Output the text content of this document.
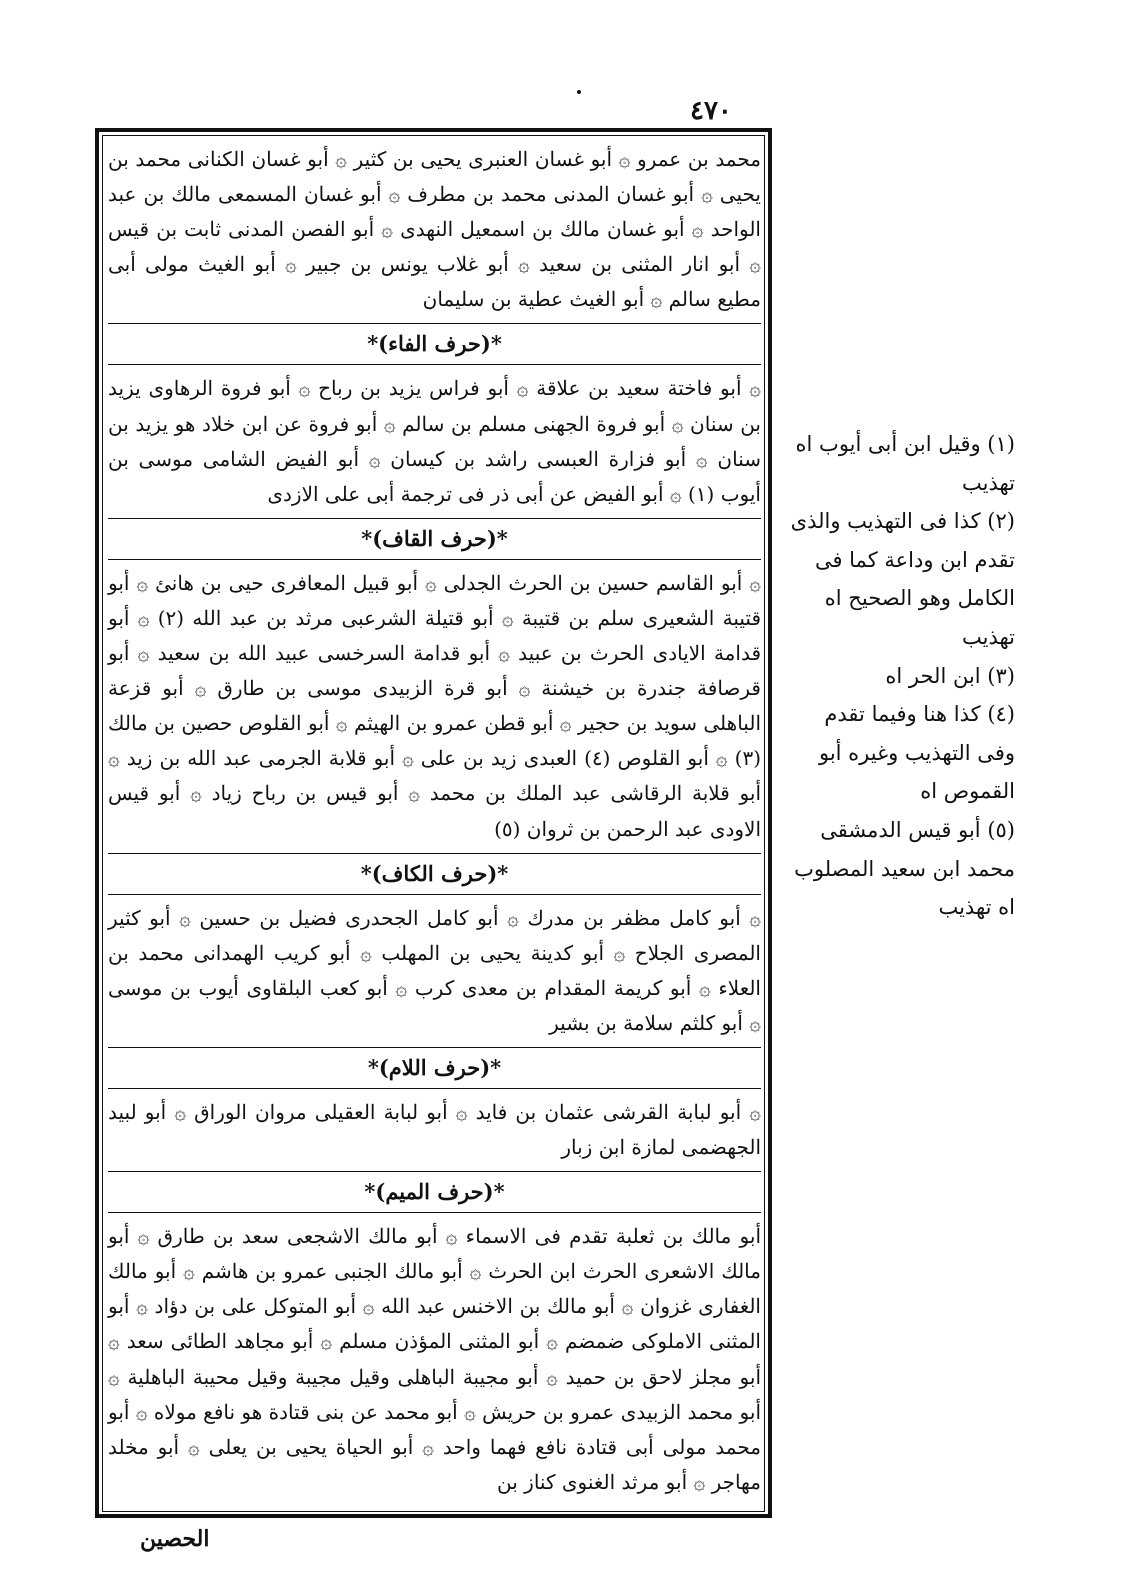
٤٧٠

محمد بن عمرو ۞ أبو غسان العنبرى يحيى بن كثير ۞ أبو غسان الكنانى محمد بن يحيى ۞ أبو غسان المدنى محمد بن مطرف ۞ أبو غسان المسمعى مالك بن عبد الواحد ۞ أبو غسان مالك بن اسمعيل النهدى ۞ أبو الفصن المدنى ثابت بن قيس ۞ أبو انار المثنى بن سعيد ۞ أبو غلاب يونس بن جبير ۞ أبو الغيث مولى أبى مطيع سالم ۞ أبو الغيث عطية بن سليمان

*(حرف الفاء)*

۞ أبو فاختة سعيد بن علاقة ۞ أبو فراس يزيد بن رباح ۞ أبو فروة الرهاوى يزيد بن سنان ۞ أبو فروة الجهنى مسلم بن سالم ۞ أبو فروة عن ابن خلاد هو يزيد بن سنان ۞ أبو فزارة العبسى راشد بن كيسان ۞ أبو الفيض الشامى موسى بن أيوب (١) ۞ أبو الفيض عن أبى ذر فى ترجمة أبى على الازدى

*(حرف القاف)*

۞ أبو القاسم حسين بن الحرث الجدلى ۞ أبو قبيل المعافرى حيى بن هانئ ۞ أبو قتيبة الشعيرى سلم بن قتيبة ۞ أبو قتيلة الشرعبى مرثد بن عبد الله (٢) ۞ أبو قدامة الايادى الحرث بن عبيد ۞ أبو قدامة السرخسى عبيد الله بن سعيد ۞ أبو قرصافة جندرة بن خيشنة ۞ أبو قرة الزبيدى موسى بن طارق ۞ أبو قزعة الباهلى سويد بن حجير ۞ أبو قطن عمرو بن الهيثم ۞ أبو القلوص حصين بن مالك (٣) ۞ أبو القلوص (٤) العبدى زيد بن على ۞ أبو قلابة الجرمى عبد الله بن زيد ۞ أبو قلابة الرقاشى عبد الملك بن محمد ۞ أبو قيس بن رباح زياد ۞ أبو قيس الاودى عبد الرحمن بن ثروان (٥)

*(حرف الكاف)*

۞ أبو كامل مظفر بن مدرك ۞ أبو كامل الجحدرى فضيل بن حسين ۞ أبو كثير المصرى الجلاح ۞ أبو كدينة يحيى بن المهلب ۞ أبو كريب الهمدانى محمد بن العلاء ۞ أبو كريمة المقدام بن معدى كرب ۞ أبو كعب البلقاوى أيوب بن موسى ۞ أبو كلثم سلامة بن بشير

*(حرف اللام)*

۞ أبو لبابة القرشى عثمان بن فايد ۞ أبو لبابة العقيلى مروان الوراق ۞ أبو لبيد الجهضمى لمازة ابن زبار

*(حرف الميم)*

أبو مالك بن ثعلبة تقدم فى الاسماء ۞ أبو مالك الاشجعى سعد بن طارق ۞ أبو مالك الاشعرى الحرث ابن الحرث ۞ أبو مالك الجنبى عمرو بن هاشم ۞ أبو مالك الغفارى غزوان ۞ أبو مالك بن الاخنس عبد الله ۞ أبو المتوكل على بن دؤاد ۞ أبو المثنى الاملوكى ضمضم ۞ أبو المثنى المؤذن مسلم ۞ أبو مجاهد الطائى سعد ۞ أبو مجلز لاحق بن حميد ۞ أبو مجيبة الباهلى وقيل مجيبة وقيل محيبة الباهلية ۞ أبو محمد الزبيدى عمرو بن حريش ۞ أبو محمد عن بنى قتادة هو نافع مولاه ۞ أبو محمد مولى أبى قتادة نافع فهما واحد ۞ أبو الحياة يحيى بن يعلى ۞ أبو مخلد مهاجر ۞ أبو مرثد الغنوى كناز بن

(١) وقيل ابن أبى أيوب اه تهذيب

(٢) كذا فى التهذيب والذى تقدم ابن وداعة كما فى الكامل وهو الصحيح اه تهذيب

(٣) ابن الحر اه

(٤) كذا هنا وفيما تقدم وفى التهذيب وغيره أبو القموص اه

(٥) أبو قيس الدمشقى محمد ابن سعيد المصلوب اه تهذيب

الحصين
